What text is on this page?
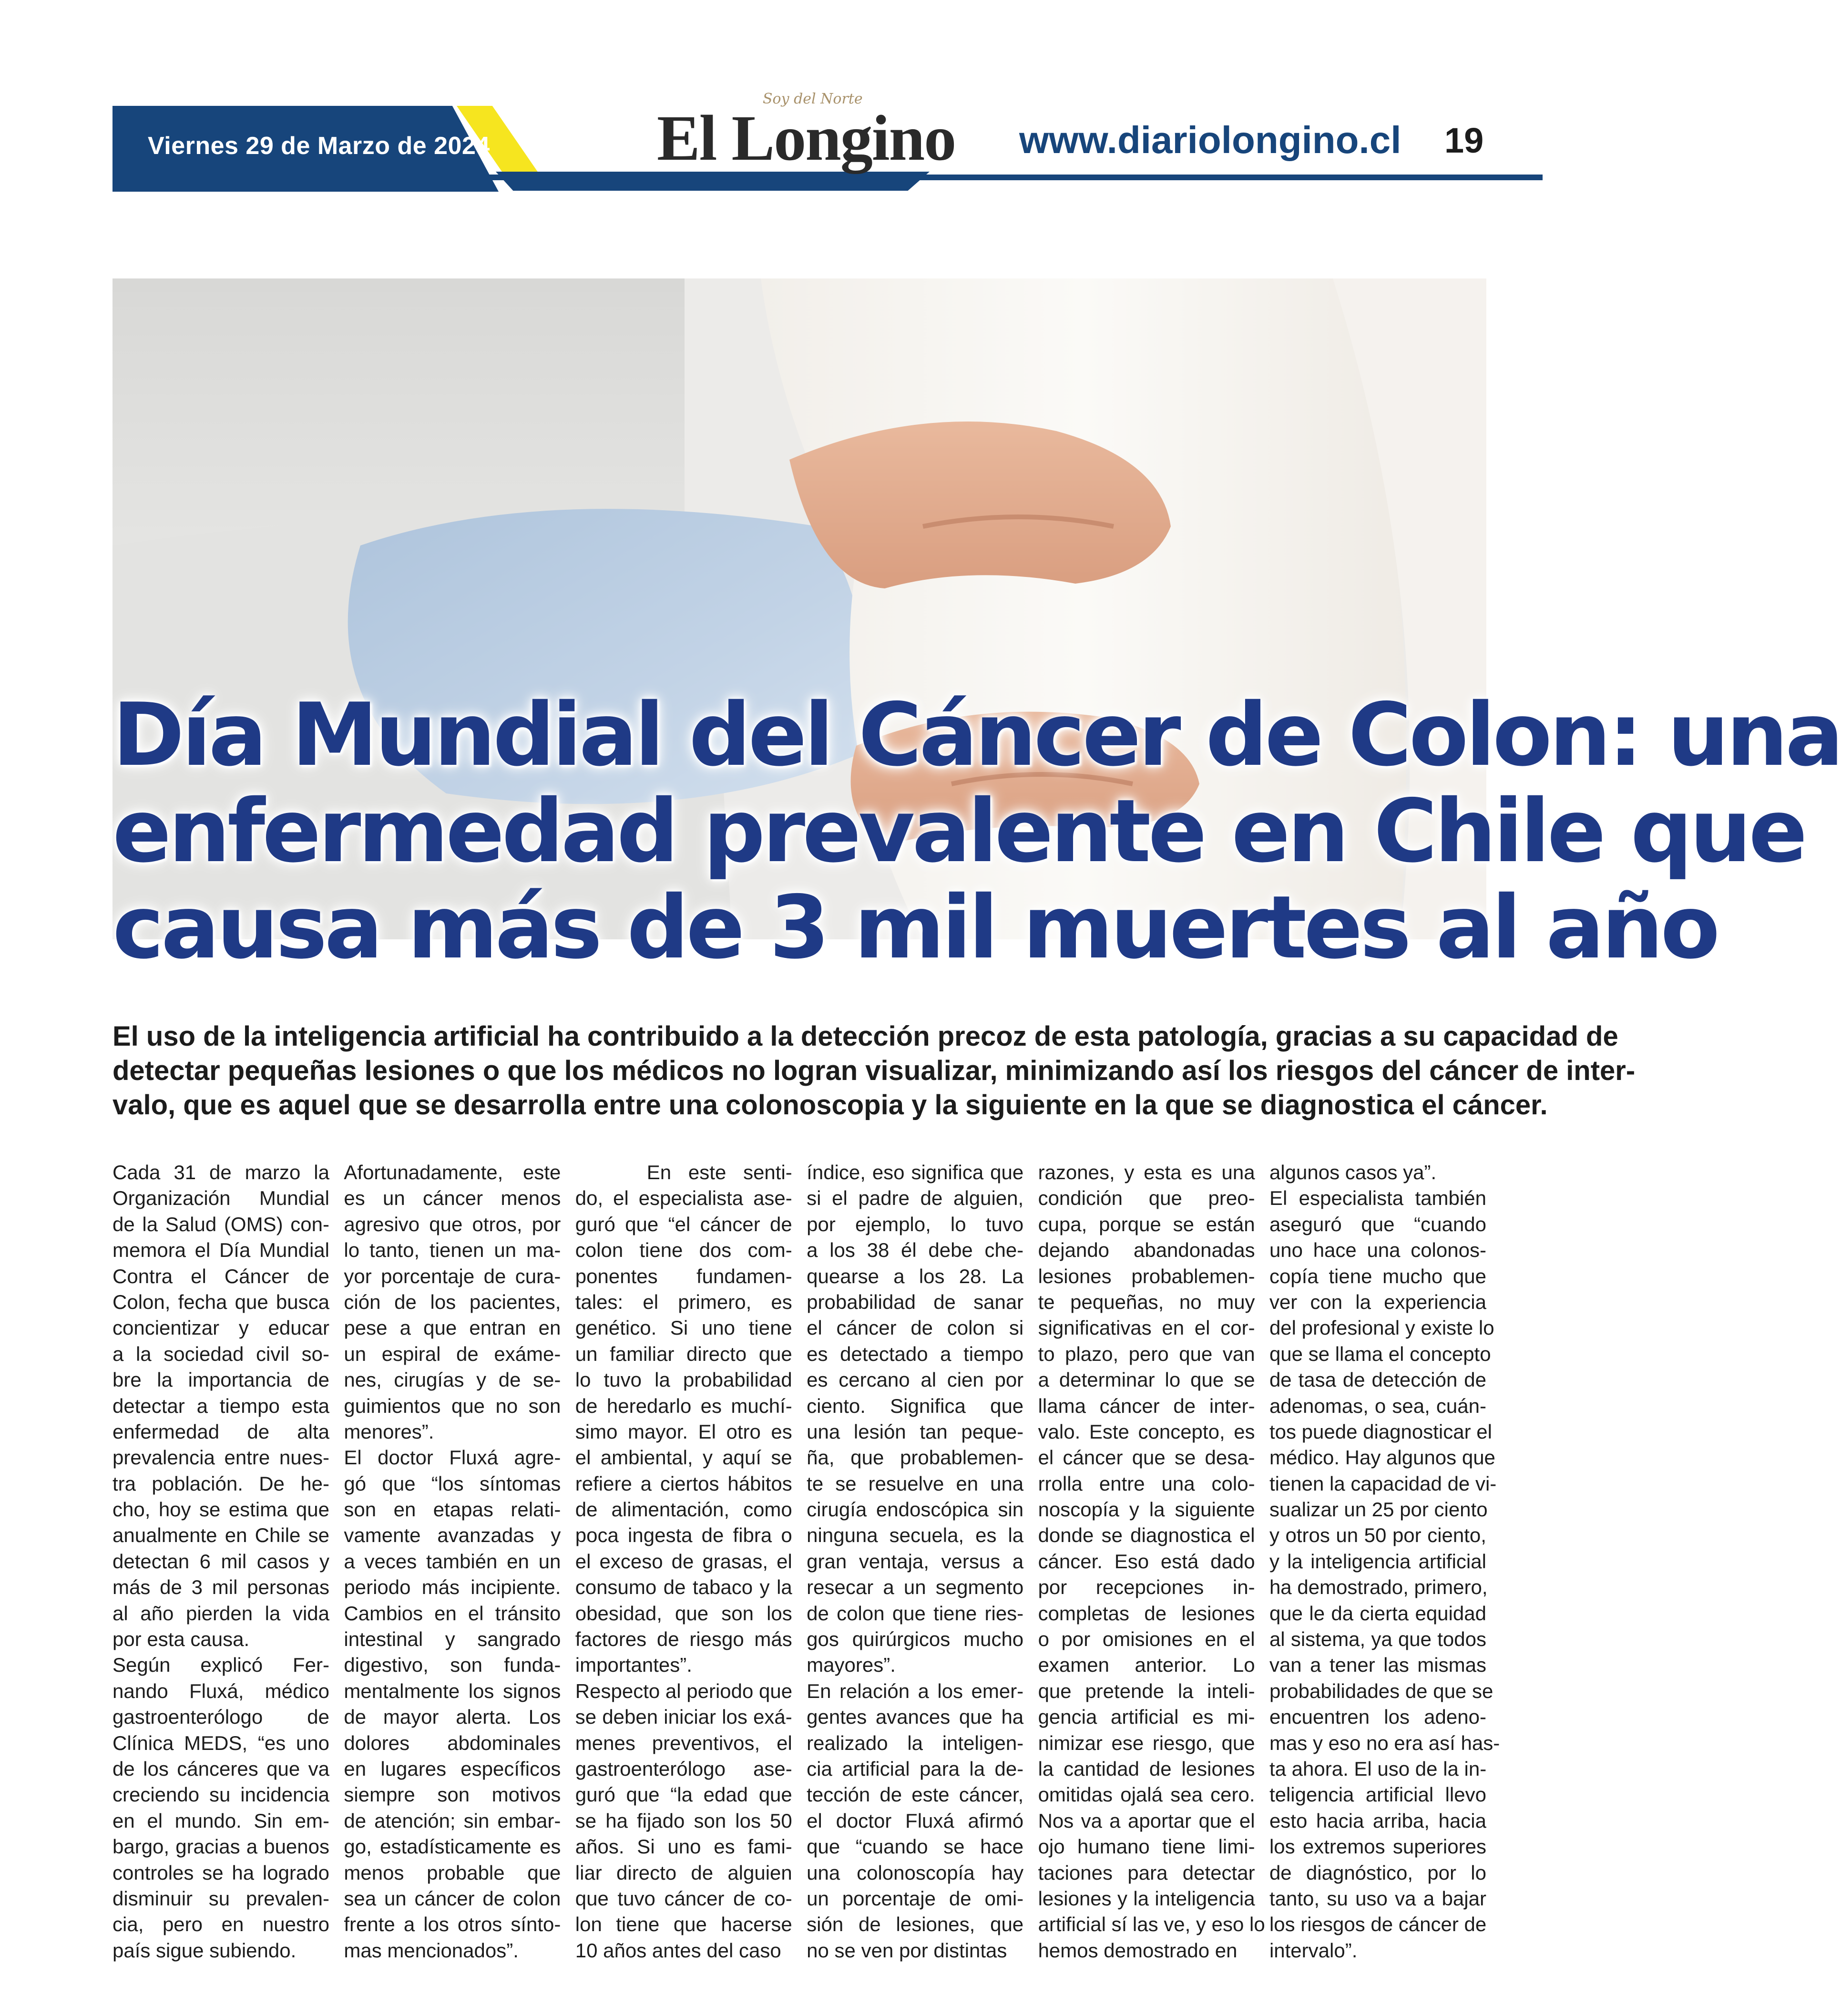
Viernes 29 de Marzo de 2024	El Longino
Soy del Norte
www.diariolongino.cl 19
Día Mundial del Cáncer de Colon: una
enfermedad prevalente en Chile que
causa más de 3 mil muertes al año
El uso de la inteligencia artificial ha contribuido a la detección precoz de esta patología, gracias a su capacidad de
detectar pequeñas lesiones o que los médicos no logran visualizar, minimizando así los riesgos del cáncer de inter-
valo, que es aquel que se desarrolla entre una colonoscopia y la siguiente en la que se diagnostica el cáncer.
Cada 31 de marzo la
Organización Mundial
de la Salud (OMS) con-
memora el Día Mundial
Contra el Cáncer de
Colon, fecha que busca
concientizar y educar
a la sociedad civil so-
bre la importancia de
detectar a tiempo esta
enfermedad de alta
prevalencia entre nues-
tra población. De he-
cho, hoy se estima que
anualmente en Chile se
detectan 6 mil casos y
más de 3 mil personas
al año pierden la vida
por esta causa.
Según explicó Fer-
nando Fluxá, médico
gastroenterólogo de
Clínica MEDS, “es uno
de los cánceres que va
creciendo su incidencia
en el mundo. Sin em-
bargo, gracias a buenos
controles se ha logrado
disminuir su prevalen-
cia, pero en nuestro
país sigue subiendo.
Afortunadamente, este
es un cáncer menos
agresivo que otros, por
lo tanto, tienen un ma-
yor porcentaje de cura-
ción de los pacientes,
pese a que entran en
un espiral de exáme-
nes, cirugías y de se-
guimientos que no son
menores”.
El doctor Fluxá agre-
gó que “los síntomas
son en etapas relati-
vamente avanzadas y
a veces también en un
periodo más incipiente.
Cambios en el tránsito
intestinal y sangrado
digestivo, son funda-
mentalmente los signos
de mayor alerta. Los
dolores abdominales
en lugares específicos
siempre son motivos
de atención; sin embar-
go, estadísticamente es
menos probable que
sea un cáncer de colon
frente a los otros sínto-
mas mencionados”.
En este senti-
do, el especialista ase-
guró que “el cáncer de
colon tiene dos com-
ponentes fundamen-
tales: el primero, es
genético. Si uno tiene
un familiar directo que
lo tuvo la probabilidad
de heredarlo es muchí-
simo mayor. El otro es
el ambiental, y aquí se
refiere a ciertos hábitos
de alimentación, como
poca ingesta de fibra o
el exceso de grasas, el
consumo de tabaco y la
obesidad, que son los
factores de riesgo más
importantes”.
Respecto al periodo que
se deben iniciar los exá-
menes preventivos, el
gastroenterólogo ase-
guró que “la edad que
se ha fijado son los 50
años. Si uno es fami-
liar directo de alguien
que tuvo cáncer de co-
lon tiene que hacerse
10 años antes del caso
índice, eso significa que
si el padre de alguien,
por ejemplo, lo tuvo
a los 38 él debe che-
quearse a los 28. La
probabilidad de sanar
el cáncer de colon si
es detectado a tiempo
es cercano al cien por
ciento. Significa que
una lesión tan peque-
ña, que probablemen-
te se resuelve en una
cirugía endoscópica sin
ninguna secuela, es la
gran ventaja, versus a
resecar a un segmento
de colon que tiene ries-
gos quirúrgicos mucho
mayores”.
En relación a los emer-
gentes avances que ha
realizado la inteligen-
cia artificial para la de-
tección de este cáncer,
el doctor Fluxá afirmó
que “cuando se hace
una colonoscopía hay
un porcentaje de omi-
sión de lesiones, que
no se ven por distintas
razones, y esta es una
condición que preo-
cupa, porque se están
dejando abandonadas
lesiones probablemen-
te pequeñas, no muy
significativas en el cor-
to plazo, pero que van
a determinar lo que se
llama cáncer de inter-
valo. Este concepto, es
el cáncer que se desa-
rrolla entre una colo-
noscopía y la siguiente
donde se diagnostica el
cáncer. Eso está dado
por recepciones in-
completas de lesiones
o por omisiones en el
examen anterior. Lo
que pretende la inteli-
gencia artificial es mi-
nimizar ese riesgo, que
la cantidad de lesiones
omitidas ojalá sea cero.
Nos va a aportar que el
ojo humano tiene limi-
taciones para detectar
lesiones y la inteligencia
artificial sí las ve, y eso lo
hemos demostrado en
algunos casos ya”.
El especialista también
aseguró que “cuando
uno hace una colonos-
copía tiene mucho que
ver con la experiencia
del profesional y existe lo
que se llama el concepto
de tasa de detección de
adenomas, o sea, cuán-
tos puede diagnosticar el
médico. Hay algunos que
tienen la capacidad de vi-
sualizar un 25 por ciento
y otros un 50 por ciento,
y la inteligencia artificial
ha demostrado, primero,
que le da cierta equidad
al sistema, ya que todos
van a tener las mismas
probabilidades de que se
encuentren los adeno-
mas y eso no era así has-
ta ahora. El uso de la in-
teligencia artificial llevo
esto hacia arriba, hacia
los extremos superiores
de diagnóstico, por lo
tanto, su uso va a bajar
los riesgos de cáncer de
intervalo”.
